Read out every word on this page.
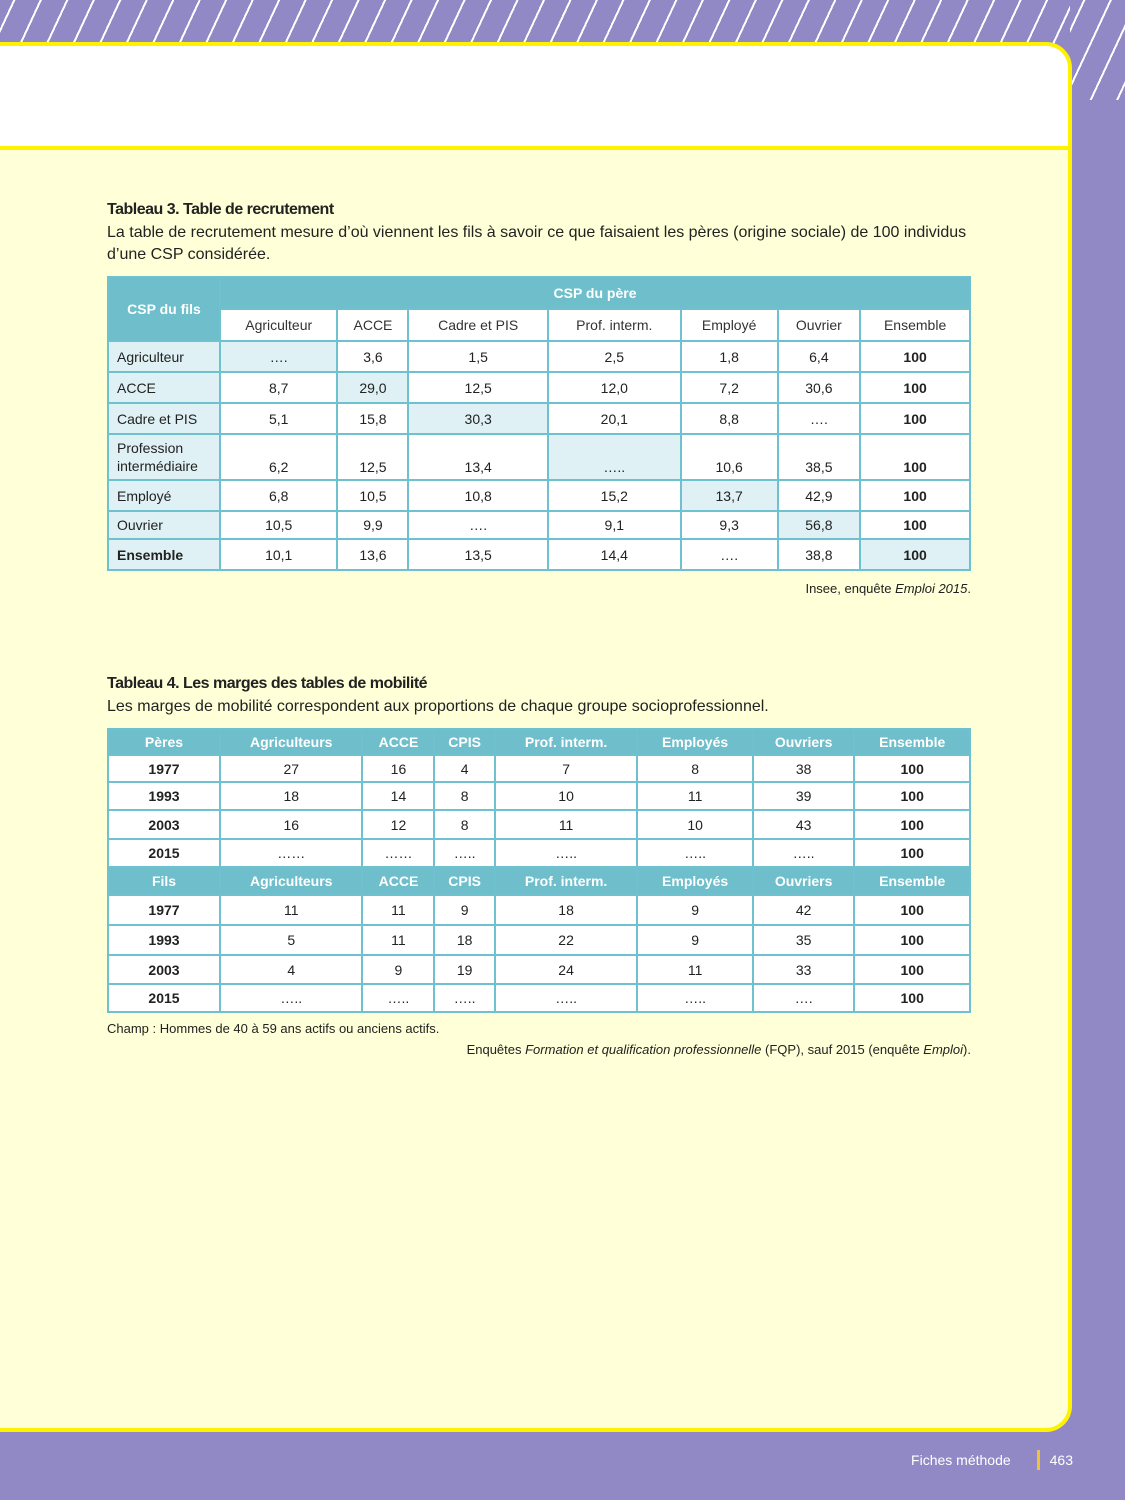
Tableau 3. Table de recrutement

La table de recrutement mesure d’où viennent les fils à savoir ce que faisaient les pères (origine sociale) de 100 individus d’une CSP considérée.

CSP du fils	CSP du père						
	Agriculteur	ACCE	Cadre et PIS	Prof. interm.	Employé	Ouvrier	Ensemble
Agriculteur	….	3,6	1,5	2,5	1,8	6,4	100
ACCE	8,7	29,0	12,5	12,0	7,2	30,6	100
Cadre et PIS	5,1	15,8	30,3	20,1	8,8	….	100
Profession intermédiaire	6,2	12,5	13,4	…..	10,6	38,5	100
Employé	6,8	10,5	10,8	15,2	13,7	42,9	100
Ouvrier	10,5	9,9	….	9,1	9,3	56,8	100
Ensemble	10,1	13,6	13,5	14,4	….	38,8	100
Insee, enquête Emploi 2015.

Tableau 4. Les marges des tables de mobilité

Les marges de mobilité correspondent aux proportions de chaque groupe socioprofessionnel.

Pères	Agriculteurs	ACCE	CPIS	Prof. interm.	Employés	Ouvriers	Ensemble
1977	27	16	4	7	8	38	100
1993	18	14	8	10	11	39	100
2003	16	12	8	11	10	43	100
2015	……	……	…..	…..	…..	…..	100
Fils	Agriculteurs	ACCE	CPIS	Prof. interm.	Employés	Ouvriers	Ensemble
1977	11	11	9	18	9	42	100
1993	5	11	18	22	9	35	100
2003	4	9	19	24	11	33	100
2015	…..	…..	…..	…..	…..	….	100
Champ : Hommes de 40 à 59 ans actifs ou anciens actifs.
Enquêtes Formation et qualification professionnelle (FQP), sauf 2015 (enquête Emploi).
Fiches méthode	463
